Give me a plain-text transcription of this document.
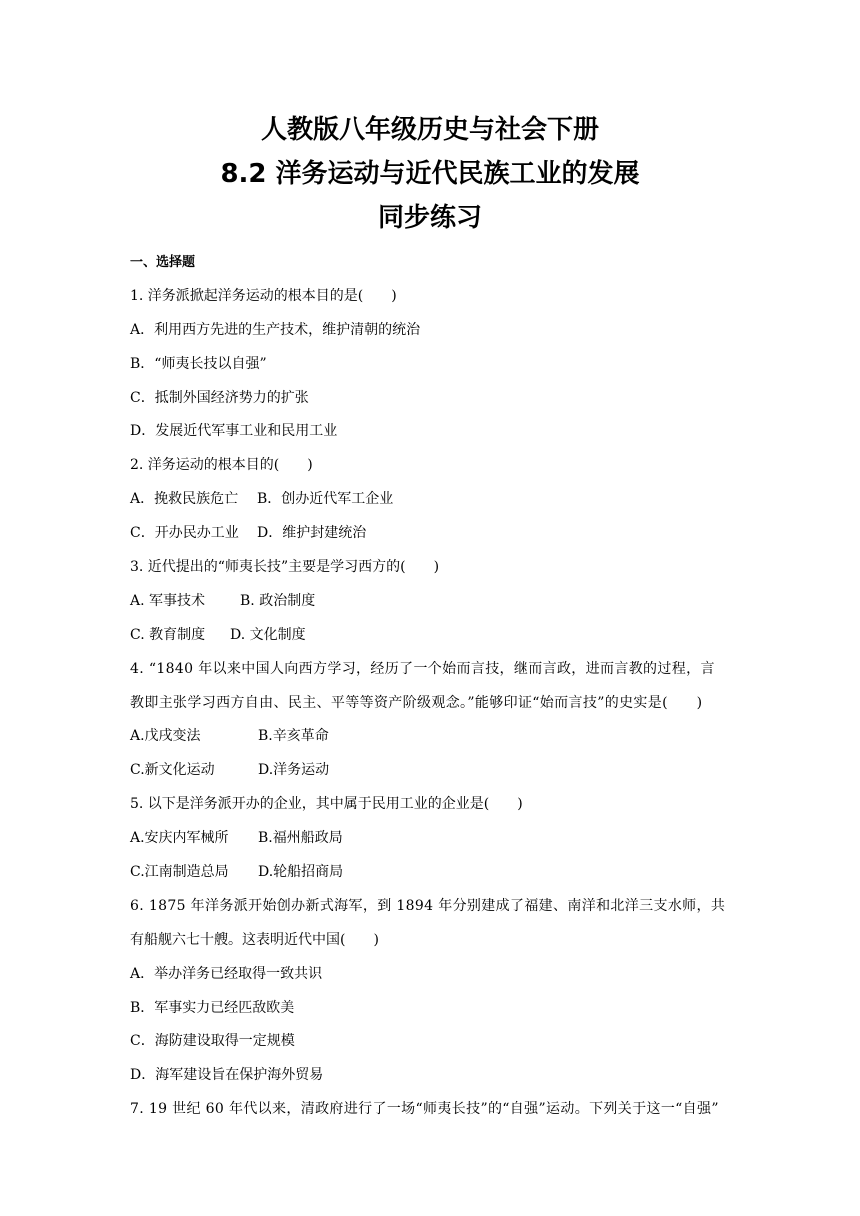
人教版八年级历史与社会下册
8.2 洋务运动与近代民族工业的发展
同步练习
一、选择题
1. 洋务派掀起洋务运动的根本目的是(　　)
A．利用西方先进的生产技术，维护清朝的统治
B．“师夷长技以自强”
C．抵制外国经济势力的扩张
D．发展近代军事工业和民用工业
2. 洋务运动的根本目的(　　)
A．挽救民族危亡	B．创办近代军工企业
C．开办民办工业	D．维护封建统治
3. 近代提出的“师夷长技”主要是学习西方的(　　)
A. 军事技术	B. 政治制度
C. 教育制度	D. 文化制度
4. “1840 年以来中国人向西方学习，经历了一个始而言技，继而言政，进而言教的过程，言
教即主张学习西方自由、民主、平等等资产阶级观念。”能够印证“始而言技”的史实是(　　)
A.戊戌变法	B.辛亥革命
C.新文化运动	D.洋务运动
5. 以下是洋务派开办的企业，其中属于民用工业的企业是(　　)
A.安庆内军械所	B.福州船政局
C.江南制造总局	D.轮船招商局
6. 1875 年洋务派开始创办新式海军，到 1894 年分别建成了福建、南洋和北洋三支水师，共
有船舰六七十艘。这表明近代中国(　　)
A．举办洋务已经取得一致共识
B．军事实力已经匹敌欧美
C．海防建设取得一定规模
D．海军建设旨在保护海外贸易
7. 19 世纪 60 年代以来，清政府进行了一场“师夷长技”的“自强”运动。下列关于这一“自强”
